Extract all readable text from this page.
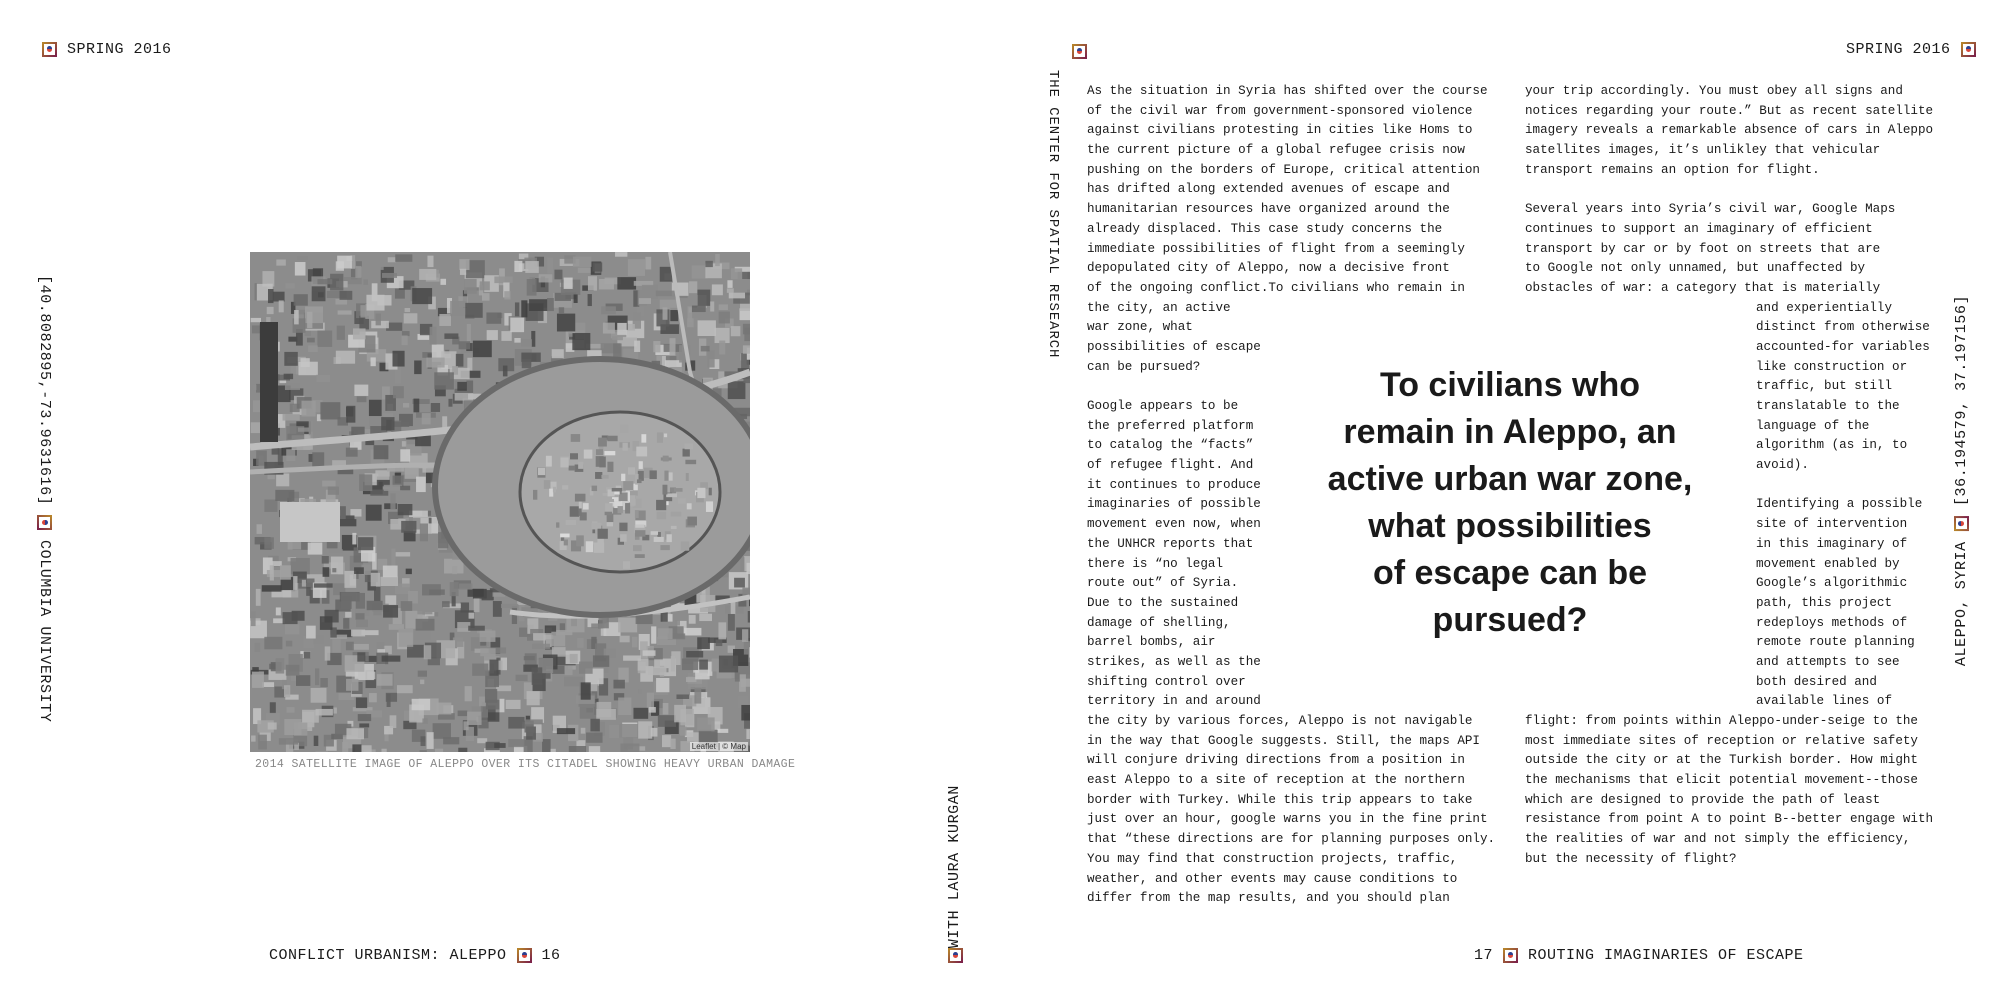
SPRING 2016
[40.8082895,-73.9631616]
COLUMBIA UNIVERSITY
Leaflet | © Map
2014 SATELLITE IMAGE OF ALEPPO OVER ITS CITADEL SHOWING HEAVY URBAN DAMAGE
CONFLICT URBANISM: ALEPPO 16
WITH LAURA KURGAN

THE CENTER FOR SPATIAL RESEARCH
SPRING 2016
ALEPPO, SYRIA
[36.194579, 37.197156]
As the situation in Syria has shifted over the course
of the civil war from government-sponsored violence
against civilians protesting in cities like Homs to
the current picture of a global refugee crisis now
pushing on the borders of Europe, critical attention
has drifted along extended avenues of escape and
humanitarian resources have organized around the
already displaced. This case study concerns the
immediate possibilities of flight from a seemingly
depopulated city of Aleppo, now a decisive front
of the ongoing conflict.To civilians who remain in
the city, an active
war zone, what
possibilities of escape
can be pursued?
Google appears to be
the preferred platform
to catalog the “facts”
of refugee flight. And
it continues to produce
imaginaries of possible
movement even now, when
the UNHCR reports that
there is “no legal
route out” of Syria.
Due to the sustained
damage of shelling,
barrel bombs, air
strikes, as well as the
shifting control over
territory in and around
the city by various forces, Aleppo is not navigable
in the way that Google suggests. Still, the maps API
will conjure driving directions from a position in
east Aleppo to a site of reception at the northern
border with Turkey. While this trip appears to take
just over an hour, google warns you in the fine print
that “these directions are for planning purposes only.
You may find that construction projects, traffic,
weather, and other events may cause conditions to
differ from the map results, and you should plan
your trip accordingly. You must obey all signs and
notices regarding your route.” But as recent satellite
imagery reveals a remarkable absence of cars in Aleppo
satellites images, it’s unlikley that vehicular
transport remains an option for flight.
Several years into Syria’s civil war, Google Maps
continues to support an imaginary of efficient
transport by car or by foot on streets that are
to Google not only unnamed, but unaffected by
obstacles of war: a category that is materially
and experientially
distinct from otherwise
accounted-for variables
like construction or
traffic, but still
translatable to the
language of the
algorithm (as in, to
avoid).
Identifying a possible
site of intervention
in this imaginary of
movement enabled by
Google’s algorithmic
path, this project
redeploys methods of
remote route planning
and attempts to see
both desired and
available lines of
flight: from points within Aleppo-under-seige to the
most immediate sites of reception or relative safety
outside the city or at the Turkish border. How might
the mechanisms that elicit potential movement--those
which are designed to provide the path of least
resistance from point A to point B--better engage with
the realities of war and not simply the efficiency,
but the necessity of flight?
To civilians who
remain in Aleppo, an
active urban war zone,
what possibilities
of escape can be
pursued?
17 ROUTING IMAGINARIES OF ESCAPE
